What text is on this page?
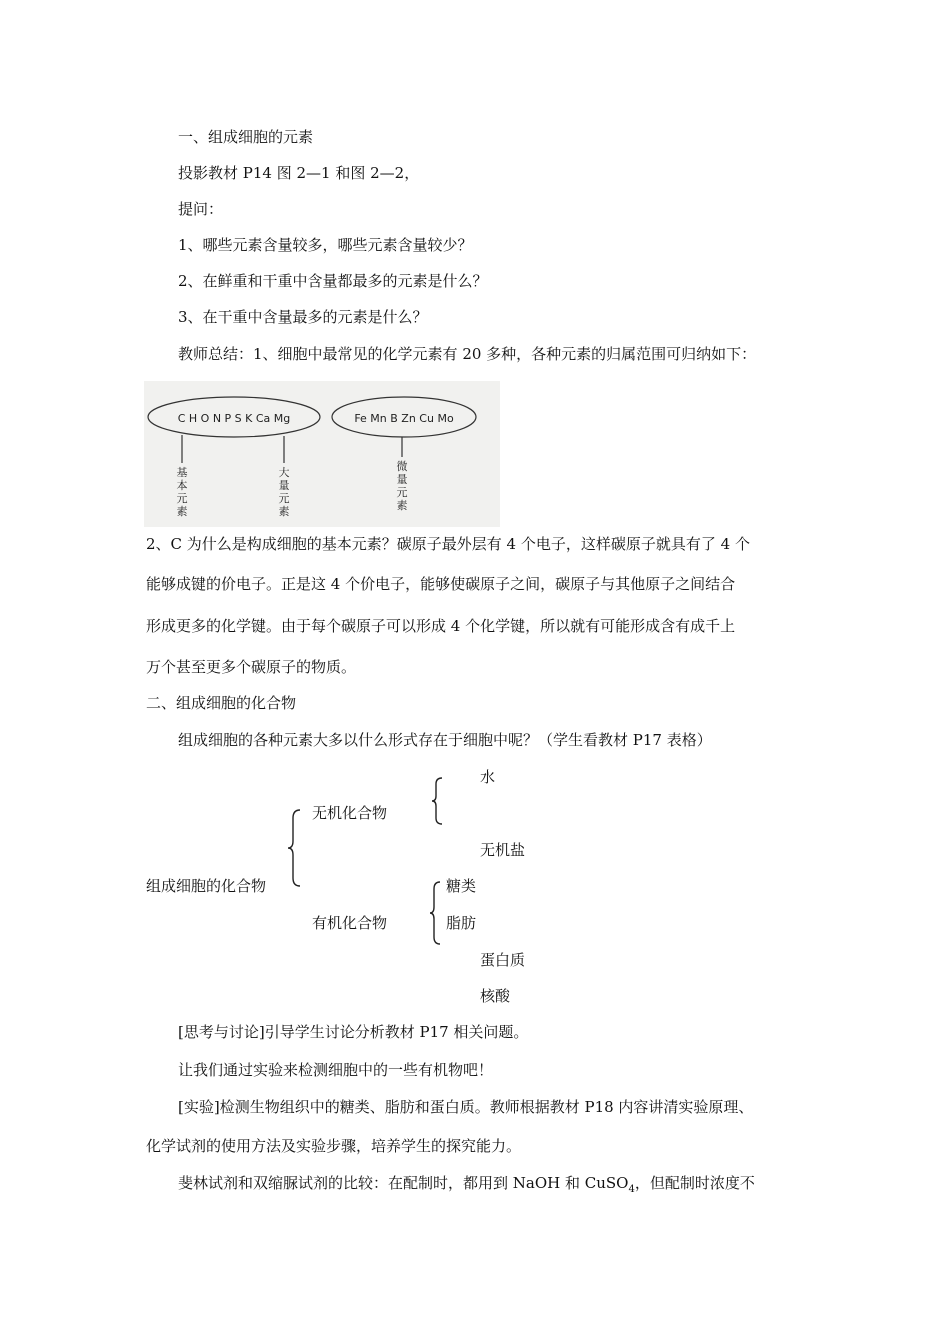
一、组成细胞的元素
投影教材 P14 图 2—1 和图 2—2，
提问：
1、哪些元素含量较多，哪些元素含量较少？
2、在鲜重和干重中含量都最多的元素是什么？
3、在干重中含量最多的元素是什么？
教师总结：1、细胞中最常见的化学元素有 20 多种，各种元素的归属范围可归纳如下：
C H O N P S K Ca Mg	Fe Mn B Zn Cu Mo
基
本
元
素
大
量
元
素
微
量
元
素
2、C 为什么是构成细胞的基本元素？碳原子最外层有 4 个电子，这样碳原子就具有了 4 个
能够成键的价电子。正是这 4 个价电子，能够使碳原子之间，碳原子与其他原子之间结合
形成更多的化学键。由于每个碳原子可以形成 4 个化学键，所以就有可能形成含有成千上
万个甚至更多个碳原子的物质。
二、组成细胞的化合物
组成细胞的各种元素大多以什么形式存在于细胞中呢？（学生看教材 P17 表格）
水
无机化合物
无机盐
组成细胞的化合物	糖类
有机化合物	脂肪
蛋白质
核酸
[思考与讨论]引导学生讨论分析教材 P17 相关问题。
让我们通过实验来检测细胞中的一些有机物吧！
[实验]检测生物组织中的糖类、脂肪和蛋白质。教师根据教材 P18 内容讲清实验原理、
化学试剂的使用方法及实验步骤，培养学生的探究能力。
斐林试剂和双缩脲试剂的比较：在配制时，都用到 NaOH 和 CuSO$_4$，但配制时浓度不
